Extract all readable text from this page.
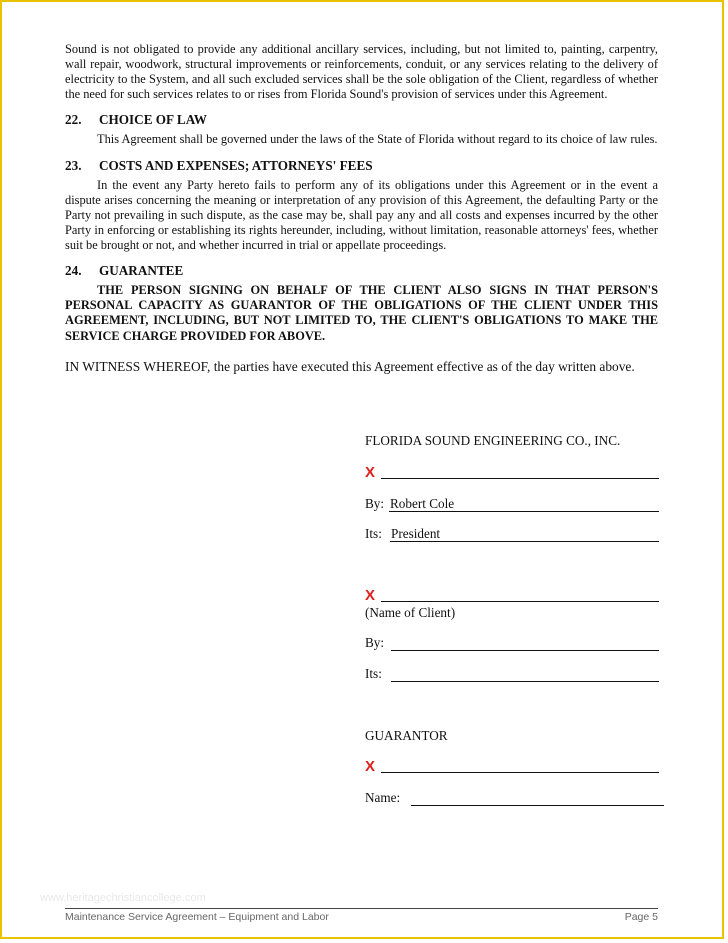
Sound is not obligated to provide any additional ancillary services, including, but not limited to, painting, carpentry, wall repair, woodwork, structural improvements or reinforcements, conduit, or any services relating to the delivery of electricity to the System, and all such excluded services shall be the sole obligation of the Client, regardless of whether the need for such services relates to or rises from Florida Sound's provision of services under this Agreement.

22. CHOICE OF LAW

This Agreement shall be governed under the laws of the State of Florida without regard to its choice of law rules.

23. COSTS AND EXPENSES; ATTORNEYS' FEES

In the event any Party hereto fails to perform any of its obligations under this Agreement or in the event a dispute arises concerning the meaning or interpretation of any provision of this Agreement, the defaulting Party or the Party not prevailing in such dispute, as the case may be, shall pay any and all costs and expenses incurred by the other Party in enforcing or establishing its rights hereunder, including, without limitation, reasonable attorneys' fees, whether suit be brought or not, and whether incurred in trial or appellate proceedings.

24. GUARANTEE

THE PERSON SIGNING ON BEHALF OF THE CLIENT ALSO SIGNS IN THAT PERSON'S PERSONAL CAPACITY AS GUARANTOR OF THE OBLIGATIONS OF THE CLIENT UNDER THIS AGREEMENT, INCLUDING, BUT NOT LIMITED TO, THE CLIENT'S OBLIGATIONS TO MAKE THE SERVICE CHARGE PROVIDED FOR ABOVE.

IN WITNESS WHEREOF, the parties have executed this Agreement effective as of the day written above.

FLORIDA SOUND ENGINEERING CO., INC.
X
By: Robert Cole
Its: President
X
(Name of Client)
By:
Its:
GUARANTOR
X
Name:
www.heritagechristiancollege.com
Maintenance Service Agreement – Equipment and Labor	Page 5
